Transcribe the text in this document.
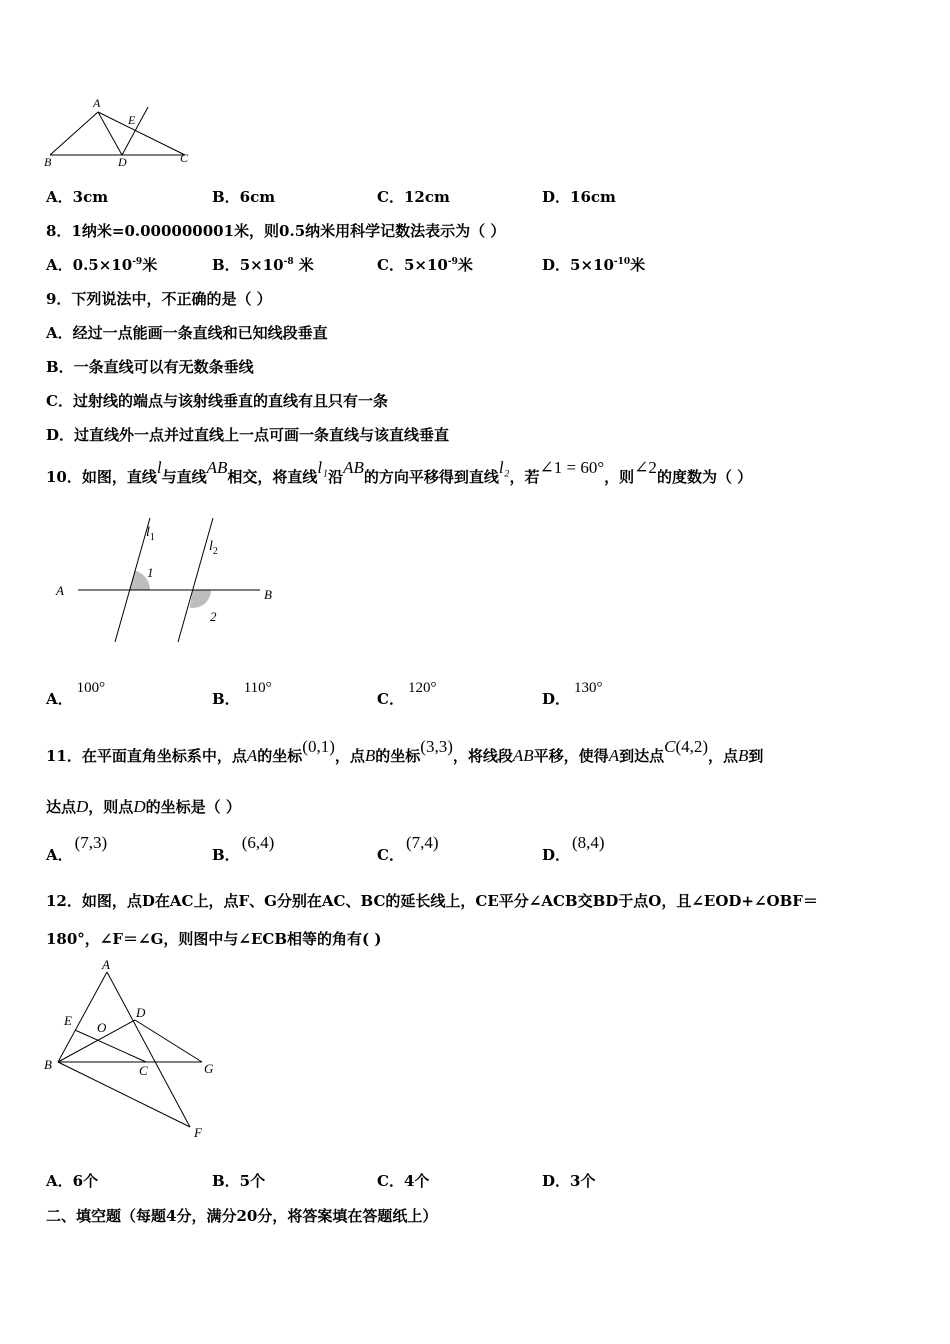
A
E
B	D	C
A．3cm	B．6cm	C．12cm	D．16cm
8．1纳米=0.000000001米，则0.5纳米用科学记数法表示为（ ）
A．$0.5\times 10^{-9}$米	B．$5\times 10^{-8}$ 米	C．$5\times 10^{-9}$米	D．$5\times 10^{-10}$米
9．下列说法中，不正确的是（ ）
A．经过一点能画一条直线和已知线段垂直
B．一条直线可以有无数条垂线
C．过射线的端点与该射线垂直的直线有且只有一条
D．过直线外一点并过直线上一点可画一条直线与该直线垂直
10．如图，直线l与直线AB相交，将直线l₁沿AB的方向平移得到直线l₂，若∠1 = 60°，则∠2的度数为（ ）
$l_1$
$l_2$
A	B
1
2
A．100°
B．110°
C．120°
D．130°
11．在平面直角坐标系中，点A的坐标(0,1)，点B的坐标(3,3)，将线段AB平移，使得A到达点C(4,2)，点B到
达点D，则点D的坐标是（ ）
A．(7,3)
B．(6,4)
C．(7,4)
D．(8,4)
12．如图，点D在AC上，点F、G分别在AC、BC的延长线上，CE平分∠ACB交BD于点O，且∠EOD+∠OBF＝
180°，∠F＝∠G，则图中与∠ECB相等的角有( )
A
E
D
O
B	C	G
F
A．6个	B．5个	C．4个	D．3个
二、填空题（每题4分，满分20分，将答案填在答题纸上）
